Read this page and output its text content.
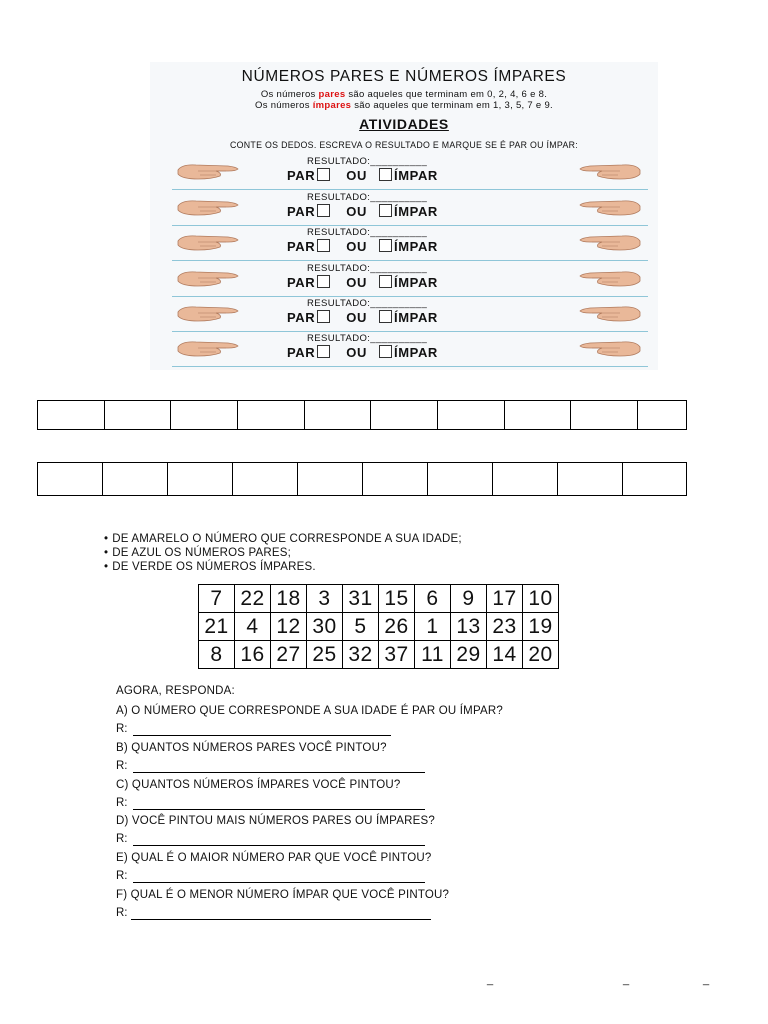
NÚMEROS PARES E NÚMEROS ÍMPARES
Os números pares são aqueles que terminam em 0, 2, 4, 6 e 8.
Os números ímpares são aqueles que terminam em 1, 3, 5, 7 e 9.
ATIVIDADES
CONTE OS DEDOS. ESCREVA O RESULTADO E MARQUE SE É PAR OU ÍMPAR:
RESULTADO:__________
PAR OU ÍMPAR
RESULTADO:__________
PAR OU ÍMPAR
RESULTADO:__________
PAR OU ÍMPAR
RESULTADO:__________
PAR OU ÍMPAR
RESULTADO:__________
PAR OU ÍMPAR
RESULTADO:__________
PAR OU ÍMPAR
• DE AMARELO O NÚMERO QUE CORRESPONDE A SUA IDADE;
• DE AZUL OS NÚMEROS PARES;
• DE VERDE OS NÚMEROS ÍMPARES.
7	22	18	3	31	15	6	9	17	10
21	4	12	30	5	26	1	13	23	19
8	16	27	25	32	37	11	29	14	20
AGORA, RESPONDA:
A) O NÚMERO QUE CORRESPONDE A SUA IDADE É PAR OU ÍMPAR?
R:
B) QUANTOS NÚMEROS PARES VOCÊ PINTOU?
R:
C) QUANTOS NÚMEROS ÍMPARES VOCÊ PINTOU?
R:
D) VOCÊ PINTOU MAIS NÚMEROS PARES OU ÍMPARES?
R:
E) QUAL É O MAIOR NÚMERO PAR QUE VOCÊ PINTOU?
R:
F) QUAL É O MENOR NÚMERO ÍMPAR QUE VOCÊ PINTOU?
R:
_	_	_
